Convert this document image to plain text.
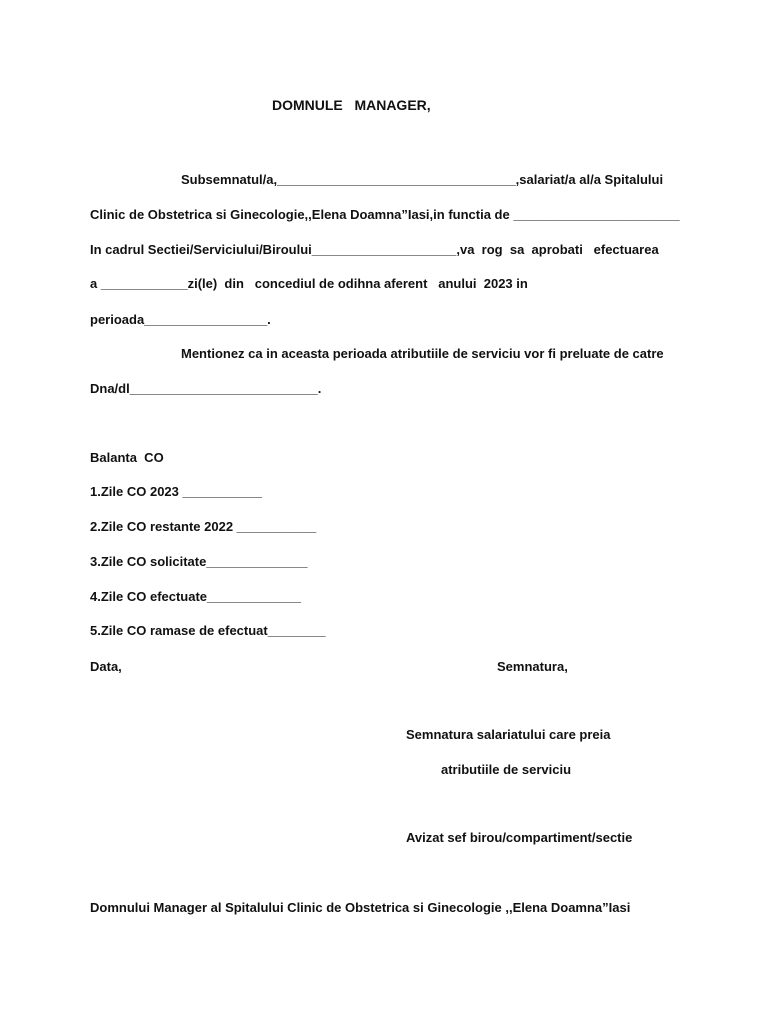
DOMNULE   MANAGER,
Subsemnatul/a,_________________________________,salariat/a al/a Spitalului
Clinic de Obstetrica si Ginecologie,,Elena Doamna”Iasi,in functia de _______________________
In cadrul Sectiei/Serviciului/Biroului____________________,va  rog  sa  aprobati   efectuarea
a ____________zi(le)  din   concediul de odihna aferent   anului  2023 in
perioada_________________.
Mentionez ca in aceasta perioada atributiile de serviciu vor fi preluate de catre
Dna/dl__________________________.
Balanta  CO
1.Zile CO 2023 ___________
2.Zile CO restante 2022 ___________
3.Zile CO solicitate______________
4.Zile CO efectuate_____________
5.Zile CO ramase de efectuat________
Data,	Semnatura,
Semnatura salariatului care preia
atributiile de serviciu
Avizat sef birou/compartiment/sectie
Domnului Manager al Spitalului Clinic de Obstetrica si Ginecologie ,,Elena Doamna”Iasi
